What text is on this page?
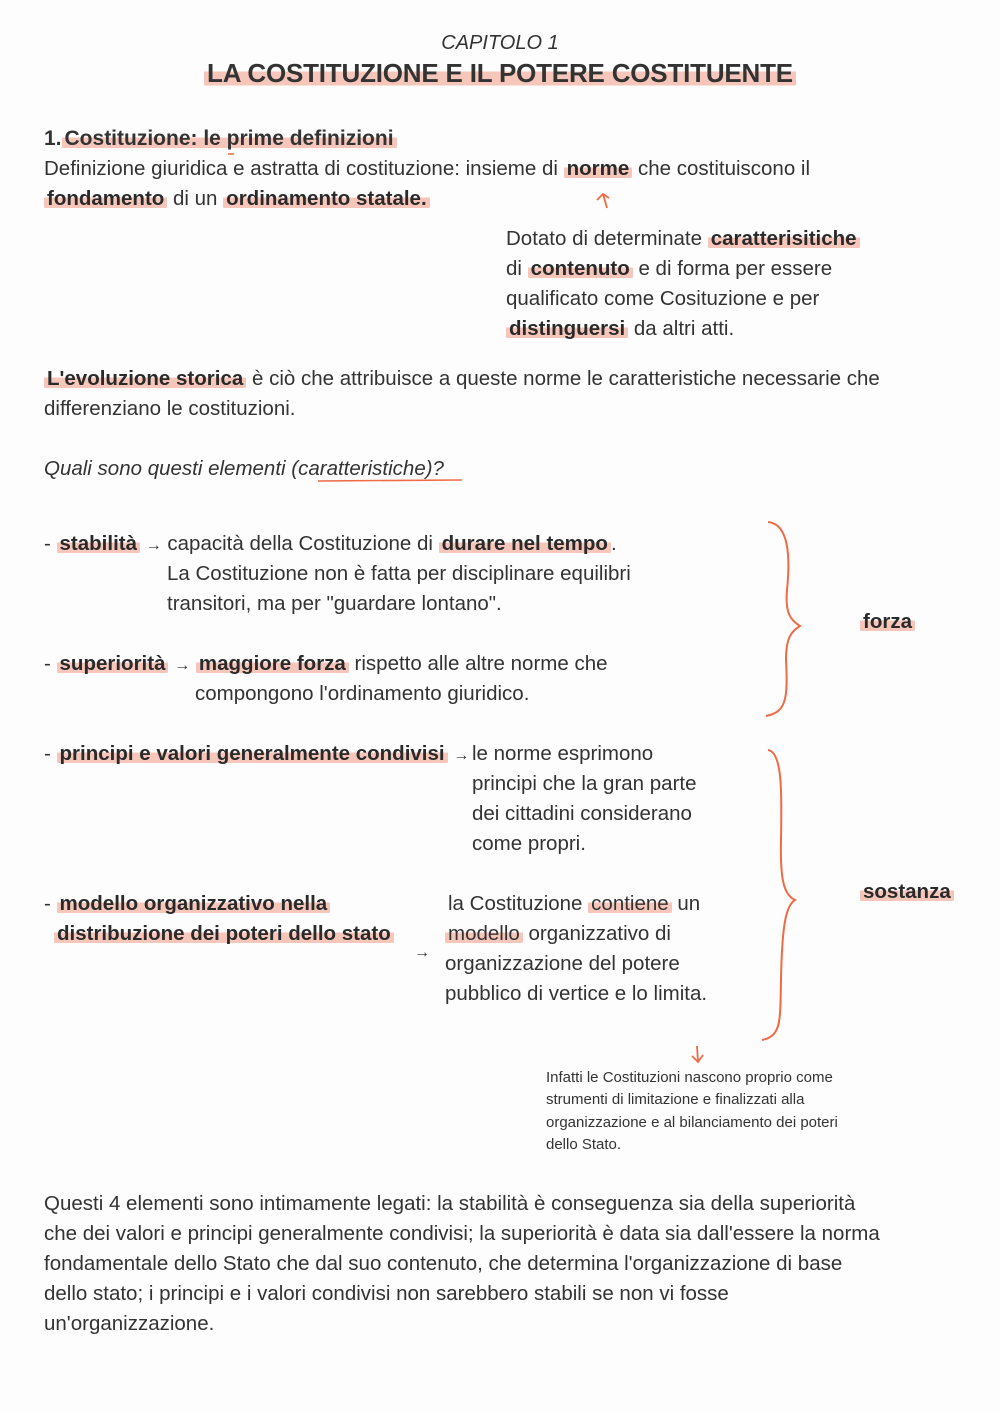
CAPITOLO 1
LA COSTITUZIONE E IL POTERE COSTITUENTE
1. Costituzione: le prime definizioni
Definizione giuridica e astratta di costituzione: insieme di norme che costituiscono il
fondamento di un ordinamento statale.
Dotato di determinate caratterisitiche
di contenuto e di forma per essere
qualificato come Cosituzione e per
distinguersi da altri atti.
L'evoluzione storica è ciò che attribuisce a queste norme le caratteristiche necessarie che
differenziano le costituzioni.
Quali sono questi elementi (caratteristiche)?
- stabilità → capacità della Costituzione di durare nel tempo .
La Costituzione non è fatta per disciplinare equilibri
transitori, ma per "guardare lontano".
- superiorità → maggiore forza rispetto alle altre norme che
compongono l'ordinamento giuridico.
- principi e valori generalmente condivisi → le norme esprimono
principi che la gran parte
dei cittadini considerano
come propri.
- modello organizzativo nella
distribuzione dei poteri dello stato
→
la Costituzione contiene un
modello organizzativo di
organizzazione del potere
pubblico di vertice e lo limita.
forza
sostanza
Infatti le Costituzioni nascono proprio come
strumenti di limitazione e finalizzati alla
organizzazione e al bilanciamento dei poteri
dello Stato.
Questi 4 elementi sono intimamente legati: la stabilità è conseguenza sia della superiorità
che dei valori e principi generalmente condivisi; la superiorità è data sia dall'essere la norma
fondamentale dello Stato che dal suo contenuto, che determina l'organizzazione di base
dello stato; i principi e i valori condivisi non sarebbero stabili se non vi fosse
un'organizzazione.
